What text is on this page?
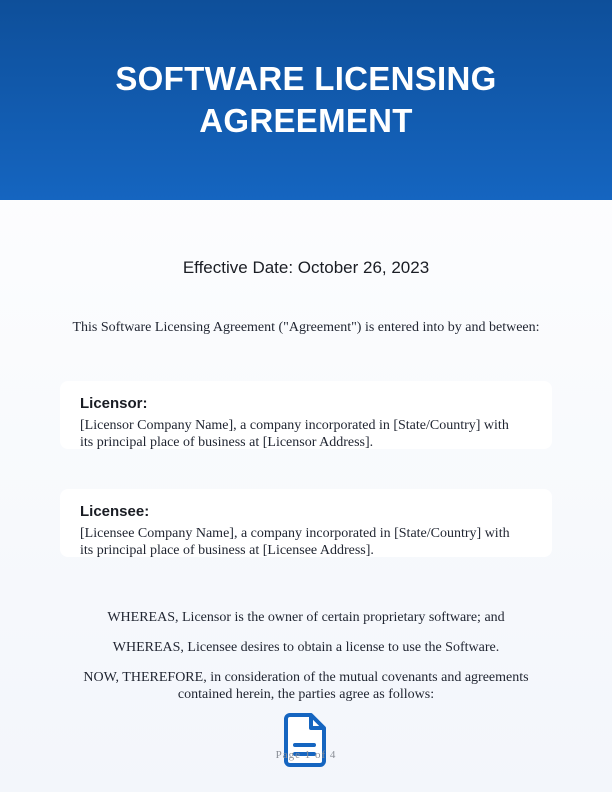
SOFTWARE LICENSING AGREEMENT
Effective Date: October 26, 2023
This Software Licensing Agreement ("Agreement") is entered into by and between:
Licensor:
[Licensor Company Name], a company incorporated in [State/Country] with its principal place of business at [Licensor Address].
Licensee:
[Licensee Company Name], a company incorporated in [State/Country] with its principal place of business at [Licensee Address].
WHEREAS, Licensor is the owner of certain proprietary software; and
WHEREAS, Licensee desires to obtain a license to use the Software.
NOW, THEREFORE, in consideration of the mutual covenants and agreements contained herein, the parties agree as follows:
Page 1 of 4
